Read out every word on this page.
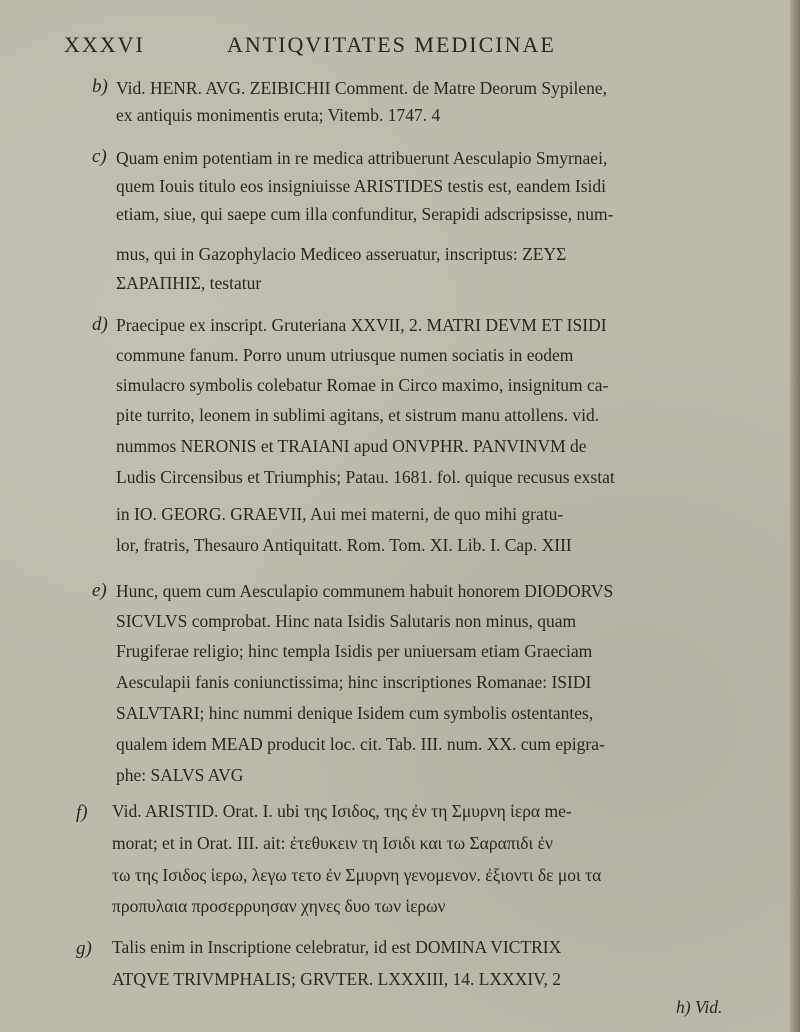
XXXVI	ANTIQVITATES MEDICINAE
b) Vid. HENR. AVG. ZEIBICHII Comment. de Matre Deorum Sypilene,
ex antiquis monimentis eruta; Vitemb. 1747. 4
c) Quam enim potentiam in re medica attribuerunt Aesculapio Smyrnaei,
quem Iouis titulo eos insigniuisse ARISTIDES testis est, eandem Isidi
etiam, siue, qui saepe cum illa confunditur, Serapidi adscripsisse, num-
mus, qui in Gazophylacio Mediceo asseruatur, inscriptus: ΖΕΥΣ
ΣΑΡΑΠΗΙΣ, testatur
d) Praecipue ex inscript. Gruteriana XXVII, 2. MATRI DEVM ET ISIDI
commune fanum. Porro unum utriusque numen sociatis in eodem
simulacro symbolis colebatur Romae in Circo maximo, insignitum ca-
pite turrito, leonem in sublimi agitans, et sistrum manu attollens. vid.
nummos NERONIS et TRAIANI apud ONVPHR. PANVINVM de
Ludis Circensibus et Triumphis; Patau. 1681. fol. quique recusus exstat
in IO. GEORG. GRAEVII, Aui mei materni, de quo mihi gratu-
lor, fratris, Thesauro Antiquitatt. Rom. Tom. XI. Lib. I. Cap. XIII
e) Hunc, quem cum Aesculapio communem habuit honorem DIODORVS
SICVLVS comprobat. Hinc nata Isidis Salutaris non minus, quam
Frugiferae religio; hinc templa Isidis per uniuersam etiam Graeciam
Aesculapii fanis coniunctissima; hinc inscriptiones Romanae: ISIDI
SALVTARI; hinc nummi denique Isidem cum symbolis ostentantes,
qualem idem MEAD producit loc. cit. Tab. III. num. XX. cum epigra-
phe: SALVS AVG
f) Vid. ARISTID. Orat. I. ubi της Ισιδος, της ἐν τη Σμυρνη ἱερα me-
morat; et in Orat. III. ait: ἐτεθυκειν τη Ισιδι και τω Σαραπιδι ἐν
τω της Ισιδος ἱερω, λεγω τετο ἐν Σμυρνη γενομενον. ἐξιοντι δε μοι τα
προπυλαια προσερρυησαν χηνες δυο των ἱερων
g) Talis enim in Inscriptione celebratur, id est DOMINA VICTRIX
ATQVE TRIVMPHALIS; GRVTER. LXXXIII, 14. LXXXIV, 2
h) Vid.
